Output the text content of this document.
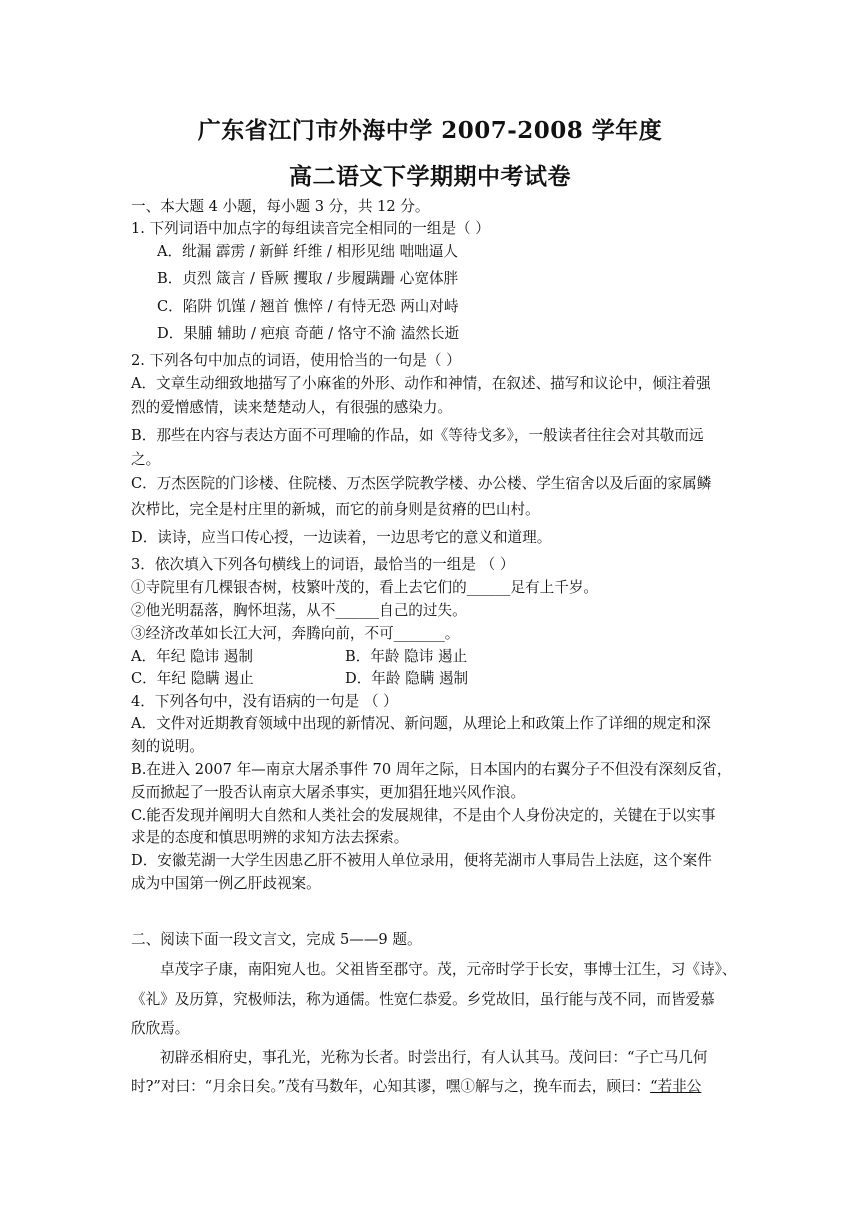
广东省江门市外海中学 2007-2008 学年度
高二语文下学期期中考试卷
一、本大题 4 小题，每小题 3 分，共 12 分。
1. 下列词语中加点字的每组读音完全相同的一组是（ ）
A．纰漏 霹雳 / 新鲜 纤维 / 相形见绌 咄咄逼人
B．贞烈 箴言 / 昏厥 攫取 / 步履蹒跚 心宽体胖
C．陷阱 饥馑 / 翘首 憔悴 / 有恃无恐 两山对峙
D．果脯 辅助 / 疤痕 奇葩 / 恪守不渝 溘然长逝
2. 下列各句中加点的词语，使用恰当的一句是（ ）
A．文章生动细致地描写了小麻雀的外形、动作和神情，在叙述、描写和议论中，倾注着强
烈的爱憎感情，读来楚楚动人，有很强的感染力。
B．那些在内容与表达方面不可理喻的作品，如《等待戈多》，一般读者往往会对其敬而远
之。
C．万杰医院的门诊楼、住院楼、万杰医学院教学楼、办公楼、学生宿舍以及后面的家属鳞
次栉比，完全是村庄里的新城，而它的前身则是贫瘠的巴山村。
D．读诗，应当口传心授，一边读着，一边思考它的意义和道理。
3．依次填入下列各句横线上的词语，最恰当的一组是 （ ）
①寺院里有几棵银杏树，枝繁叶茂的，看上去它们的______足有上千岁。
②他光明磊落，胸怀坦荡，从不______自己的过失。
③经济改革如长江大河，奔腾向前，不可_______。
A．年纪 隐讳 遏制	B．年龄 隐讳 遏止
C．年纪 隐瞒 遏止	D．年龄 隐瞒 遏制
4．下列各句中，没有语病的一句是 （ ）
A．文件对近期教育领域中出现的新情况、新问题，从理论上和政策上作了详细的规定和深
刻的说明。
B.在进入 2007 年—南京大屠杀事件 70 周年之际，日本国内的右翼分子不但没有深刻反省，
反而掀起了一股否认南京大屠杀事实，更加猖狂地兴风作浪。
C.能否发现并阐明大自然和人类社会的发展规律，不是由个人身份决定的，关键在于以实事
求是的态度和慎思明辨的求知方法去探索。
D．安徽芜湖一大学生因患乙肝不被用人单位录用，便将芜湖市人事局告上法庭，这个案件
成为中国第一例乙肝歧视案。
二、阅读下面一段文言文，完成 5——9 题。
卓茂字子康，南阳宛人也。父祖皆至郡守。茂，元帝时学于长安，事博士江生，习《诗》、
《礼》及历算，究极师法，称为通儒。性宽仁恭爱。乡党故旧，虽行能与茂不同，而皆爱慕
欣欣焉。
初辟丞相府史，事孔光，光称为长者。时尝出行，有人认其马。茂问曰：“子亡马几何
时?”对曰：“月余日矣。”茂有马数年，心知其谬，嘿①解与之，挽车而去，顾曰：“若非公
